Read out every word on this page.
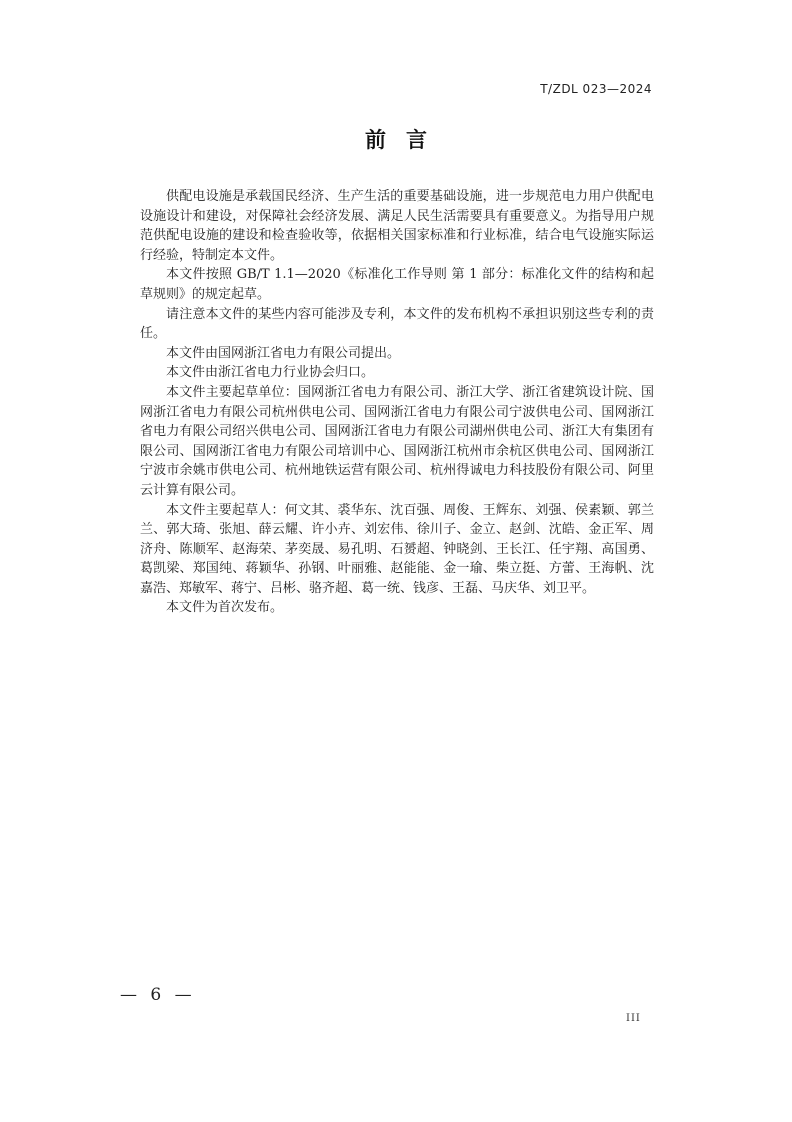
T/ZDL 023—2024
前言

供配电设施是承载国民经济、生产生活的重要基础设施，进一步规范电力用户供配电设施设计和建设，对保障社会经济发展、满足人民生活需要具有重要意义。为指导用户规范供配电设施的建设和检查验收等，依据相关国家标准和行业标准，结合电气设施实际运行经验，特制定本文件。

本文件按照 GB/T 1.1—2020《标准化工作导则 第 1 部分：标准化文件的结构和起草规则》的规定起草。

请注意本文件的某些内容可能涉及专利，本文件的发布机构不承担识别这些专利的责任。

本文件由国网浙江省电力有限公司提出。

本文件由浙江省电力行业协会归口。

本文件主要起草单位：国网浙江省电力有限公司、浙江大学、浙江省建筑设计院、国网浙江省电力有限公司杭州供电公司、国网浙江省电力有限公司宁波供电公司、国网浙江省电力有限公司绍兴供电公司、国网浙江省电力有限公司湖州供电公司、浙江大有集团有限公司、国网浙江省电力有限公司培训中心、国网浙江杭州市余杭区供电公司、国网浙江宁波市余姚市供电公司、杭州地铁运营有限公司、杭州得诚电力科技股份有限公司、阿里云计算有限公司。

本文件主要起草人：何文其、裘华东、沈百强、周俊、王辉东、刘强、侯素颖、郭兰兰、郭大琦、张旭、薛云耀、许小卉、刘宏伟、徐川子、金立、赵剑、沈皓、金正军、周济舟、陈顺军、赵海荣、茅奕晟、易孔明、石赟超、钟晓剑、王长江、任宇翔、高国勇、葛凯梁、郑国纯、蒋颖华、孙钢、叶丽雅、赵能能、金一瑜、柴立挺、方蕾、王海帆、沈嘉浩、郑敏军、蒋宁、吕彬、骆齐超、葛一统、钱彦、王磊、马庆华、刘卫平。

本文件为首次发布。

— 6 —
III
